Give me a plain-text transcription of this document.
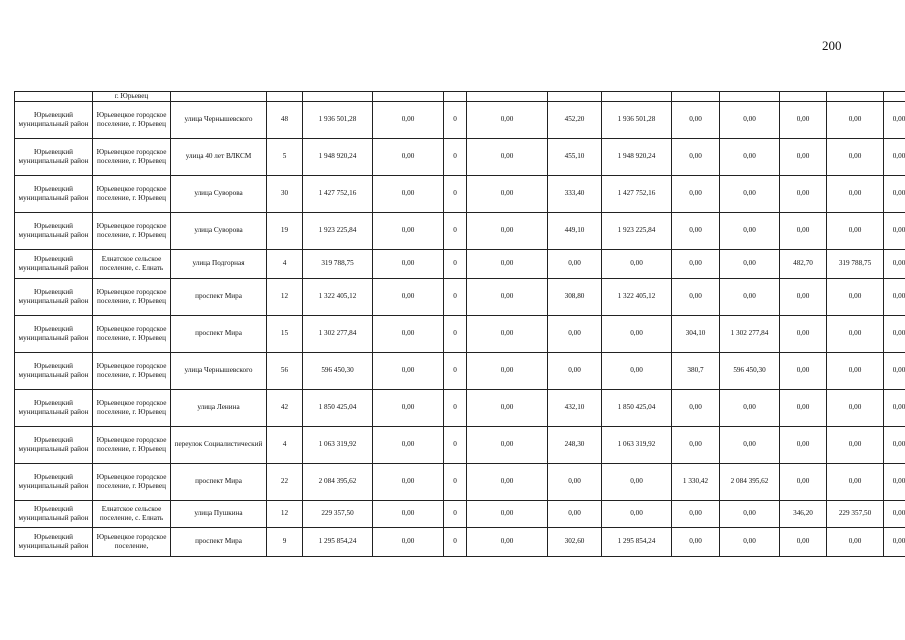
200
	г. Юрьевец													
Юрьевецкий муниципальный район	Юрьевецкое городское поселение, г. Юрьевец	улица Чернышевского	48	1 936 501,28	0,00	0	0,00	452,20	1 936 501,28	0,00	0,00	0,00	0,00	0,00
Юрьевецкий муниципальный район	Юрьевецкое городское поселение, г. Юрьевец	улица 40 лет ВЛКСМ	5	1 948 920,24	0,00	0	0,00	455,10	1 948 920,24	0,00	0,00	0,00	0,00	0,00
Юрьевецкий муниципальный район	Юрьевецкое городское поселение, г. Юрьевец	улица Суворова	30	1 427 752,16	0,00	0	0,00	333,40	1 427 752,16	0,00	0,00	0,00	0,00	0,00
Юрьевецкий муниципальный район	Юрьевецкое городское поселение, г. Юрьевец	улица Суворова	19	1 923 225,84	0,00	0	0,00	449,10	1 923 225,84	0,00	0,00	0,00	0,00	0,00
Юрьевецкий муниципальный район	Елнатское сельское поселение, с. Елнать	улица Подгорная	4	319 788,75	0,00	0	0,00	0,00	0,00	0,00	0,00	482,70	319 788,75	0,00
Юрьевецкий муниципальный район	Юрьевецкое городское поселение, г. Юрьевец	проспект Мира	12	1 322 405,12	0,00	0	0,00	308,80	1 322 405,12	0,00	0,00	0,00	0,00	0,00
Юрьевецкий муниципальный район	Юрьевецкое городское поселение, г. Юрьевец	проспект Мира	15	1 302 277,84	0,00	0	0,00	0,00	0,00	304,10	1 302 277,84	0,00	0,00	0,00
Юрьевецкий муниципальный район	Юрьевецкое городское поселение, г. Юрьевец	улица Чернышевского	56	596 450,30	0,00	0	0,00	0,00	0,00	380,7	596 450,30	0,00	0,00	0,00
Юрьевецкий муниципальный район	Юрьевецкое городское поселение, г. Юрьевец	улица Ленина	42	1 850 425,04	0,00	0	0,00	432,10	1 850 425,04	0,00	0,00	0,00	0,00	0,00
Юрьевецкий муниципальный район	Юрьевецкое городское поселение, г. Юрьевец	переулок Социалистический	4	1 063 319,92	0,00	0	0,00	248,30	1 063 319,92	0,00	0,00	0,00	0,00	0,00
Юрьевецкий муниципальный район	Юрьевецкое городское поселение, г. Юрьевец	проспект Мира	22	2 084 395,62	0,00	0	0,00	0,00	0,00	1 330,42	2 084 395,62	0,00	0,00	0,00
Юрьевецкий муниципальный район	Елнатское сельское поселение, с. Елнать	улица Пушкина	12	229 357,50	0,00	0	0,00	0,00	0,00	0,00	0,00	346,20	229 357,50	0,00
Юрьевецкий муниципальный район	Юрьевецкое городское поселение,	проспект Мира	9	1 295 854,24	0,00	0	0,00	302,60	1 295 854,24	0,00	0,00	0,00	0,00	0,00
